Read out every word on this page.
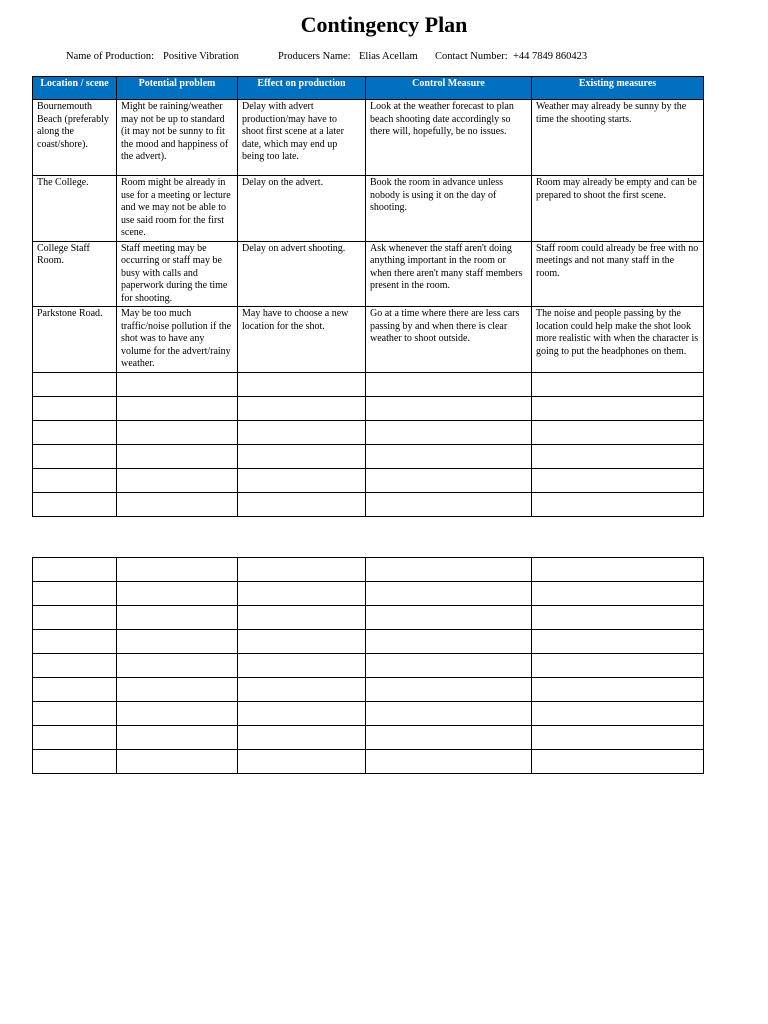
Contingency Plan
Name of Production: Positive Vibration	Producers Name: Elias Acellam Contact Number: +44 7849 860423
Location / scene	Potential problem	Effect on production	Control Measure	Existing measures
Bournemouth Beach (preferably along the coast/shore).	Might be raining/weather may not be up to standard (it may not be sunny to fit the mood and happiness of the advert).	Delay with advert production/may have to shoot first scene at a later date, which may end up being too late.	Look at the weather forecast to plan beach shooting date accordingly so there will, hopefully, be no issues.	Weather may already be sunny by the time the shooting starts.
The College.	Room might be already in use for a meeting or lecture and we may not be able to use said room for the first scene.	Delay on the advert.	Book the room in advance unless nobody is using it on the day of shooting.	Room may already be empty and can be prepared to shoot the first scene.
College Staff Room.	Staff meeting may be occurring or staff may be busy with calls and paperwork during the time for shooting.	Delay on advert shooting.	Ask whenever the staff aren't doing anything important in the room or when there aren't many staff members present in the room.	Staff room could already be free with no meetings and not many staff in the room.
Parkstone Road.	May be too much traffic/noise pollution if the shot was to have any volume for the advert/rainy weather.	May have to choose a new location for the shot.	Go at a time where there are less cars passing by and when there is clear weather to shoot outside.	The noise and people passing by the location could help make the shot look more realistic with when the character is going to put the headphones on them.
